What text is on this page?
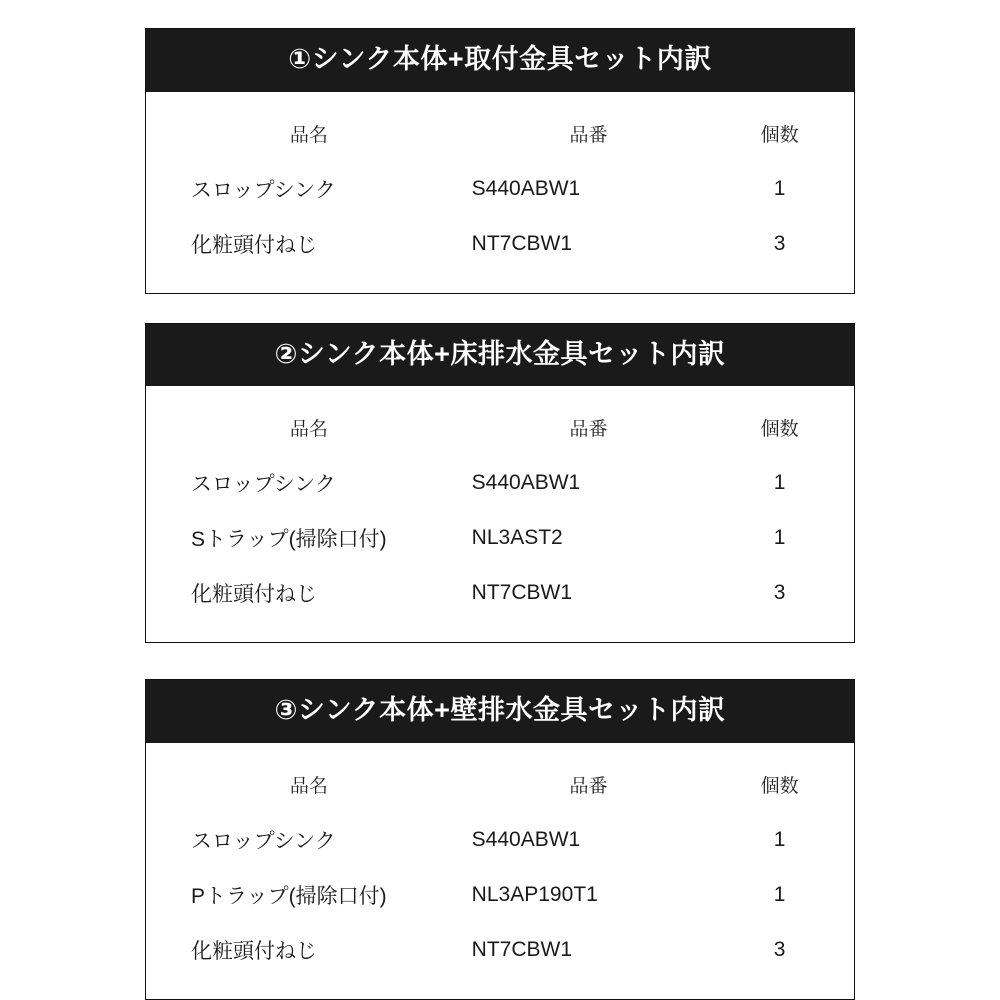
①シンク本体+取付金具セット内訳
品名	品番	個数
スロップシンク	S440ABW1	1
化粧頭付ねじ	NT7CBW1	3
②シンク本体+床排水金具セット内訳
品名	品番	個数
スロップシンク	S440ABW1	1
Sトラップ(掃除口付)	NL3AST2	1
化粧頭付ねじ	NT7CBW1	3
③シンク本体+壁排水金具セット内訳
品名	品番	個数
スロップシンク	S440ABW1	1
Pトラップ(掃除口付)	NL3AP190T1	1
化粧頭付ねじ	NT7CBW1	3
